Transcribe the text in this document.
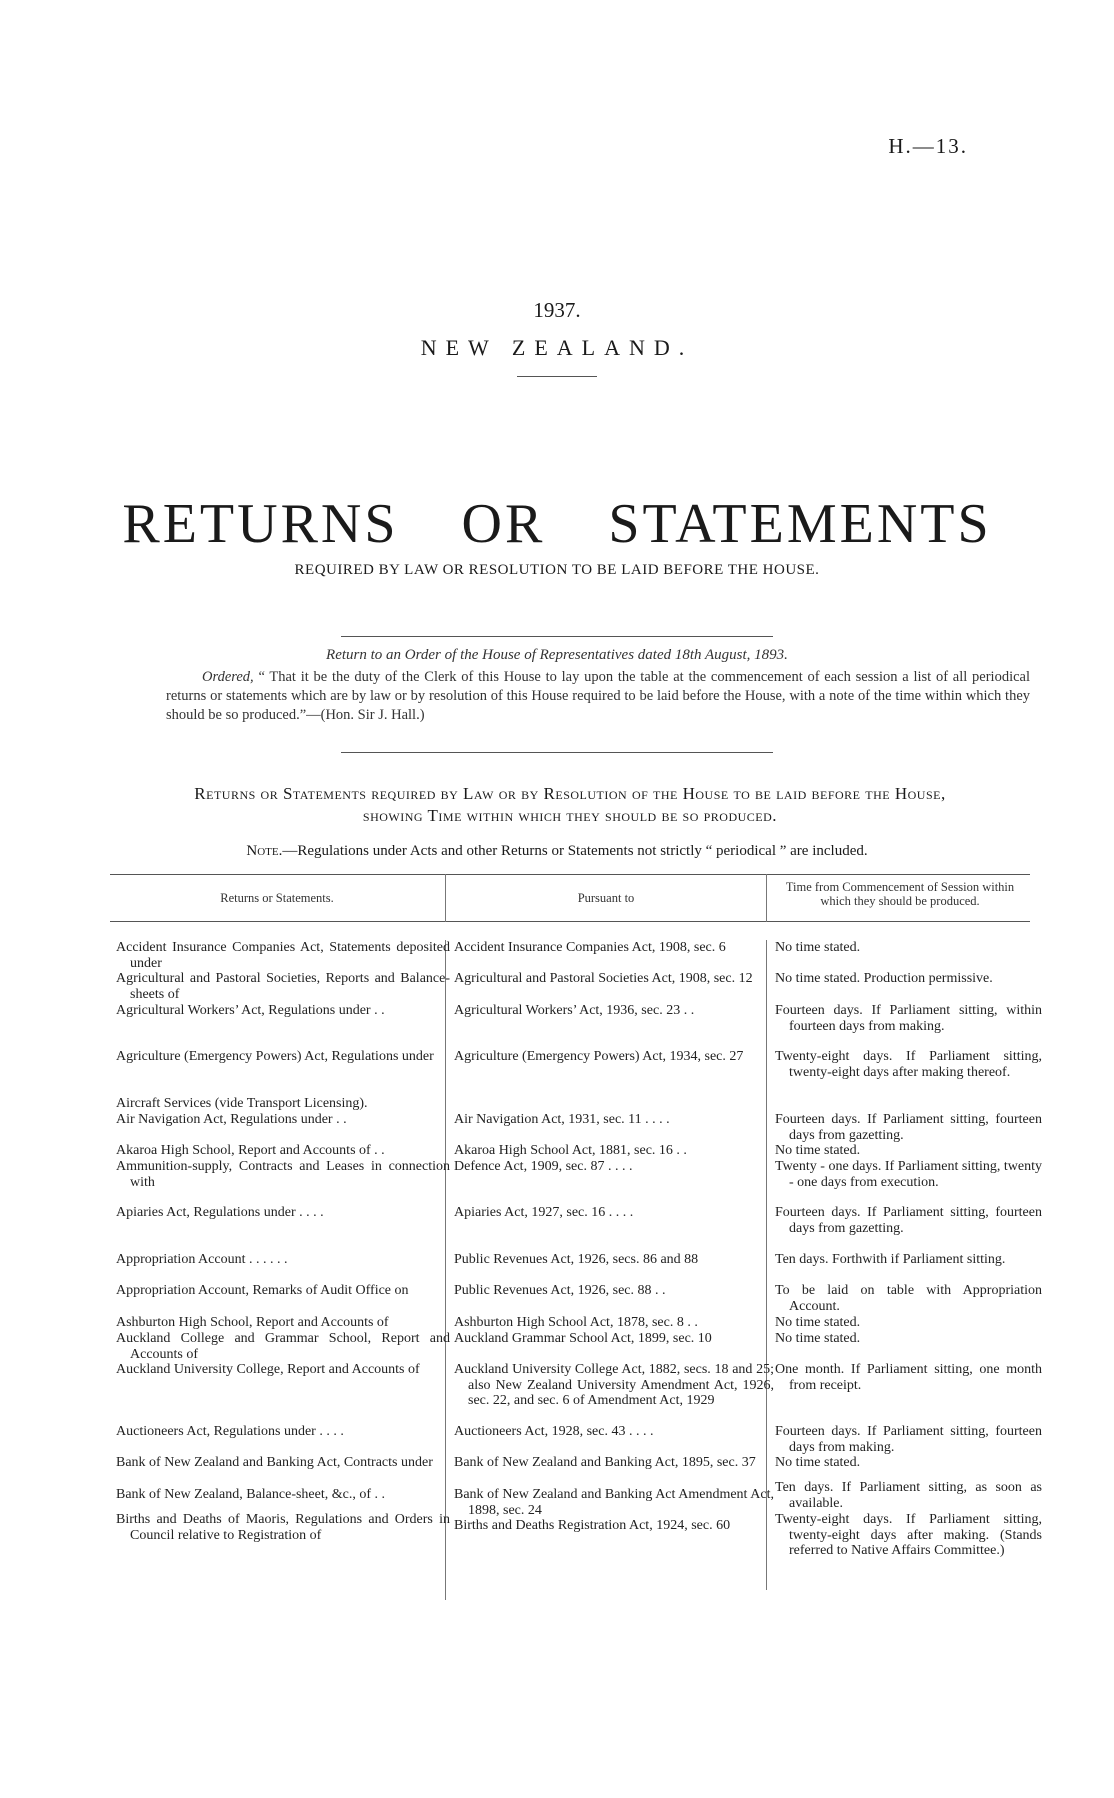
H.—13.
1937.
NEW ZEALAND.
RETURNS OR STATEMENTS
REQUIRED BY LAW OR RESOLUTION TO BE LAID BEFORE THE HOUSE.
Return to an Order of the House of Representatives dated 18th August, 1893.
Ordered, “ That it be the duty of the Clerk of this House to lay upon the table at the commencement of each session a list of all periodical returns or statements which are by law or by resolution of this House required to be laid before the House, with a note of the time within which they should be so produced.”—(Hon. Sir J. Hall.)
Returns or Statements required by Law or by Resolution of the House to be laid before the House,
showing Time within which they should be so produced.
Note.—Regulations under Acts and other Returns or Statements not strictly “ periodical ” are included.
Returns or Statements.	Pursuant to
Time from Commencement of Session within which they should be produced.
Accident Insurance Companies Act, Statements deposited under
Agricultural and Pastoral Societies, Reports and Balance-sheets of
Agricultural Workers’ Act, Regulations under . .
Agriculture (Emergency Powers) Act, Regulations under
Aircraft Services (vide Transport Licensing).
Air Navigation Act, Regulations under . .
Akaroa High School, Report and Accounts of . .
Ammunition-supply, Contracts and Leases in connection with
Apiaries Act, Regulations under . . . .
Appropriation Account . . . . . .
Appropriation Account, Remarks of Audit Office on
Ashburton High School, Report and Accounts of
Auckland College and Grammar School, Report and Accounts of
Auckland University College, Report and Accounts of
Auctioneers Act, Regulations under . . . .
Bank of New Zealand and Banking Act, Contracts under
Bank of New Zealand, Balance-sheet, &c., of . .
Births and Deaths of Maoris, Regulations and Orders in Council relative to Registration of
Accident Insurance Companies Act, 1908, sec. 6
Agricultural and Pastoral Societies Act, 1908, sec. 12
Agricultural Workers’ Act, 1936, sec. 23 . .
Agriculture (Emergency Powers) Act, 1934, sec. 27
Air Navigation Act, 1931, sec. 11 . . . .
Akaroa High School Act, 1881, sec. 16 . .
Defence Act, 1909, sec. 87 . . . .
Apiaries Act, 1927, sec. 16 . . . .
Public Revenues Act, 1926, secs. 86 and 88
Public Revenues Act, 1926, sec. 88 . .
Ashburton High School Act, 1878, sec. 8 . .
Auckland Grammar School Act, 1899, sec. 10
Auckland University College Act, 1882, secs. 18 and 25; also New Zealand University Amendment Act, 1926, sec. 22, and sec. 6 of Amendment Act, 1929
Auctioneers Act, 1928, sec. 43 . . . .
Bank of New Zealand and Banking Act, 1895, sec. 37
Bank of New Zealand and Banking Act Amendment Act, 1898, sec. 24
Births and Deaths Registration Act, 1924, sec. 60
No time stated.
No time stated. Production permissive.
Fourteen days. If Parliament sitting, within fourteen days from making.
Twenty-eight days. If Parliament sitting, twenty-eight days after making thereof.
Fourteen days. If Parliament sitting, fourteen days from gazetting.
No time stated.
Twenty - one days. If Parliament sitting, twenty - one days from execution.
Fourteen days. If Parliament sitting, fourteen days from gazetting.
Ten days. Forthwith if Parliament sitting.
To be laid on table with Appropriation Account.
No time stated.
No time stated.
One month. If Parliament sitting, one month from receipt.
Fourteen days. If Parliament sitting, fourteen days from making.
No time stated.
Ten days. If Parliament sitting, as soon as available.
Twenty-eight days. If Parliament sitting, twenty-eight days after making. (Stands referred to Native Affairs Committee.)
